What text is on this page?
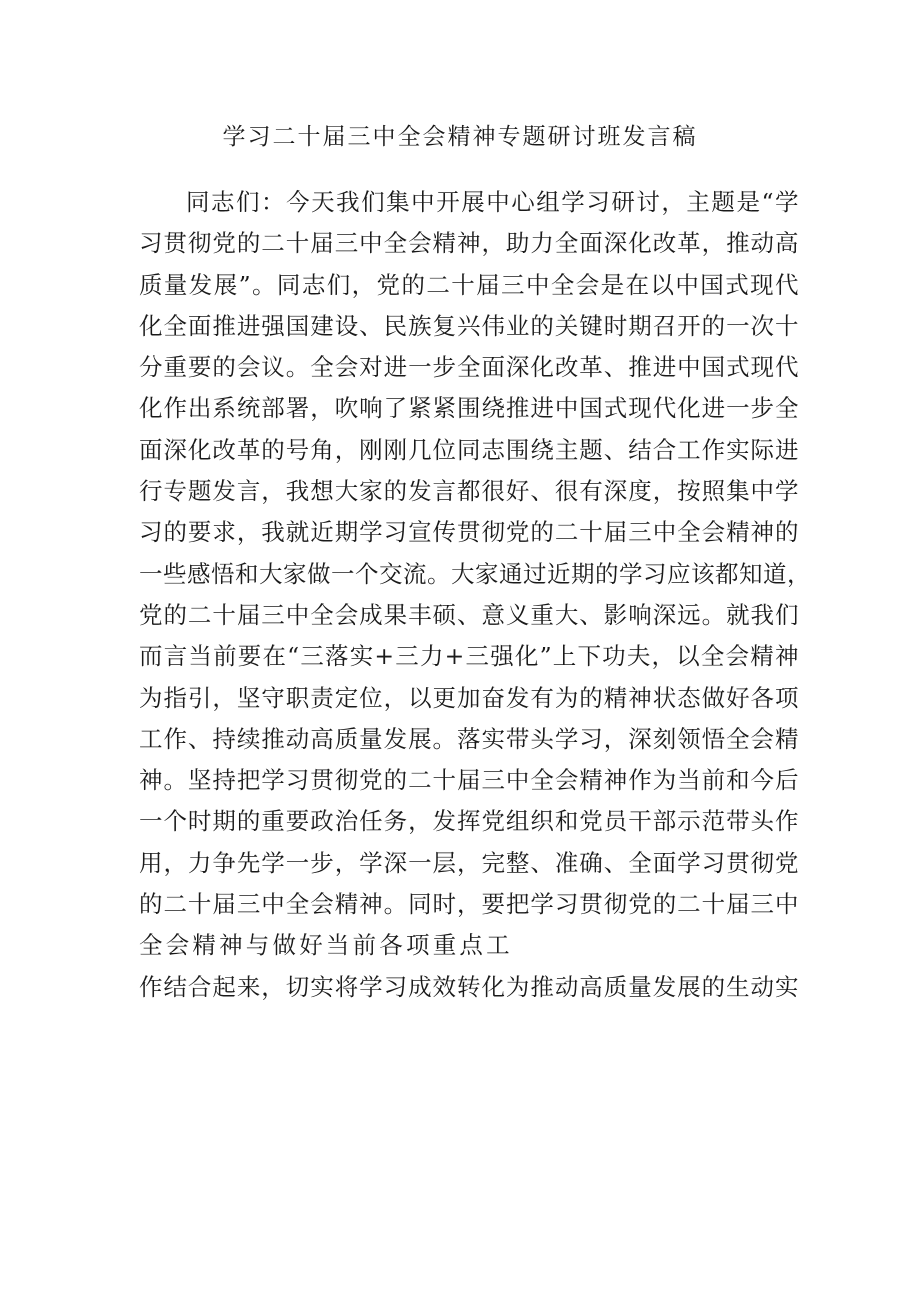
学习二十届三中全会精神专题研讨班发言稿
同志们：今天我们集中开展中心组学习研讨，主题是“学
习贯彻党的二十届三中全会精神，助力全面深化改革，推动高
质量发展”。同志们，党的二十届三中全会是在以中国式现代
化全面推进强国建设、民族复兴伟业的关键时期召开的一次十
分重要的会议。全会对进一步全面深化改革、推进中国式现代
化作出系统部署，吹响了紧紧围绕推进中国式现代化进一步全
面深化改革的号角，刚刚几位同志围绕主题、结合工作实际进
行专题发言，我想大家的发言都很好、很有深度，按照集中学
习的要求，我就近期学习宣传贯彻党的二十届三中全会精神的
一些感悟和大家做一个交流。大家通过近期的学习应该都知道，
党的二十届三中全会成果丰硕、意义重大、影响深远。就我们
而言当前要在“三落实+三力+三强化”上下功夫，以全会精神
为指引，坚守职责定位，以更加奋发有为的精神状态做好各项
工作、持续推动高质量发展。落实带头学习，深刻领悟全会精
神。坚持把学习贯彻党的二十届三中全会精神作为当前和今后
一个时期的重要政治任务，发挥党组织和党员干部示范带头作
用，力争先学一步，学深一层，完整、准确、全面学习贯彻党
的二十届三中全会精神。同时，要把学习贯彻党的二十届三中
全会精神与做好当前各项重点工
作结合起来，切实将学习成效转化为推动高质量发展的生动实
